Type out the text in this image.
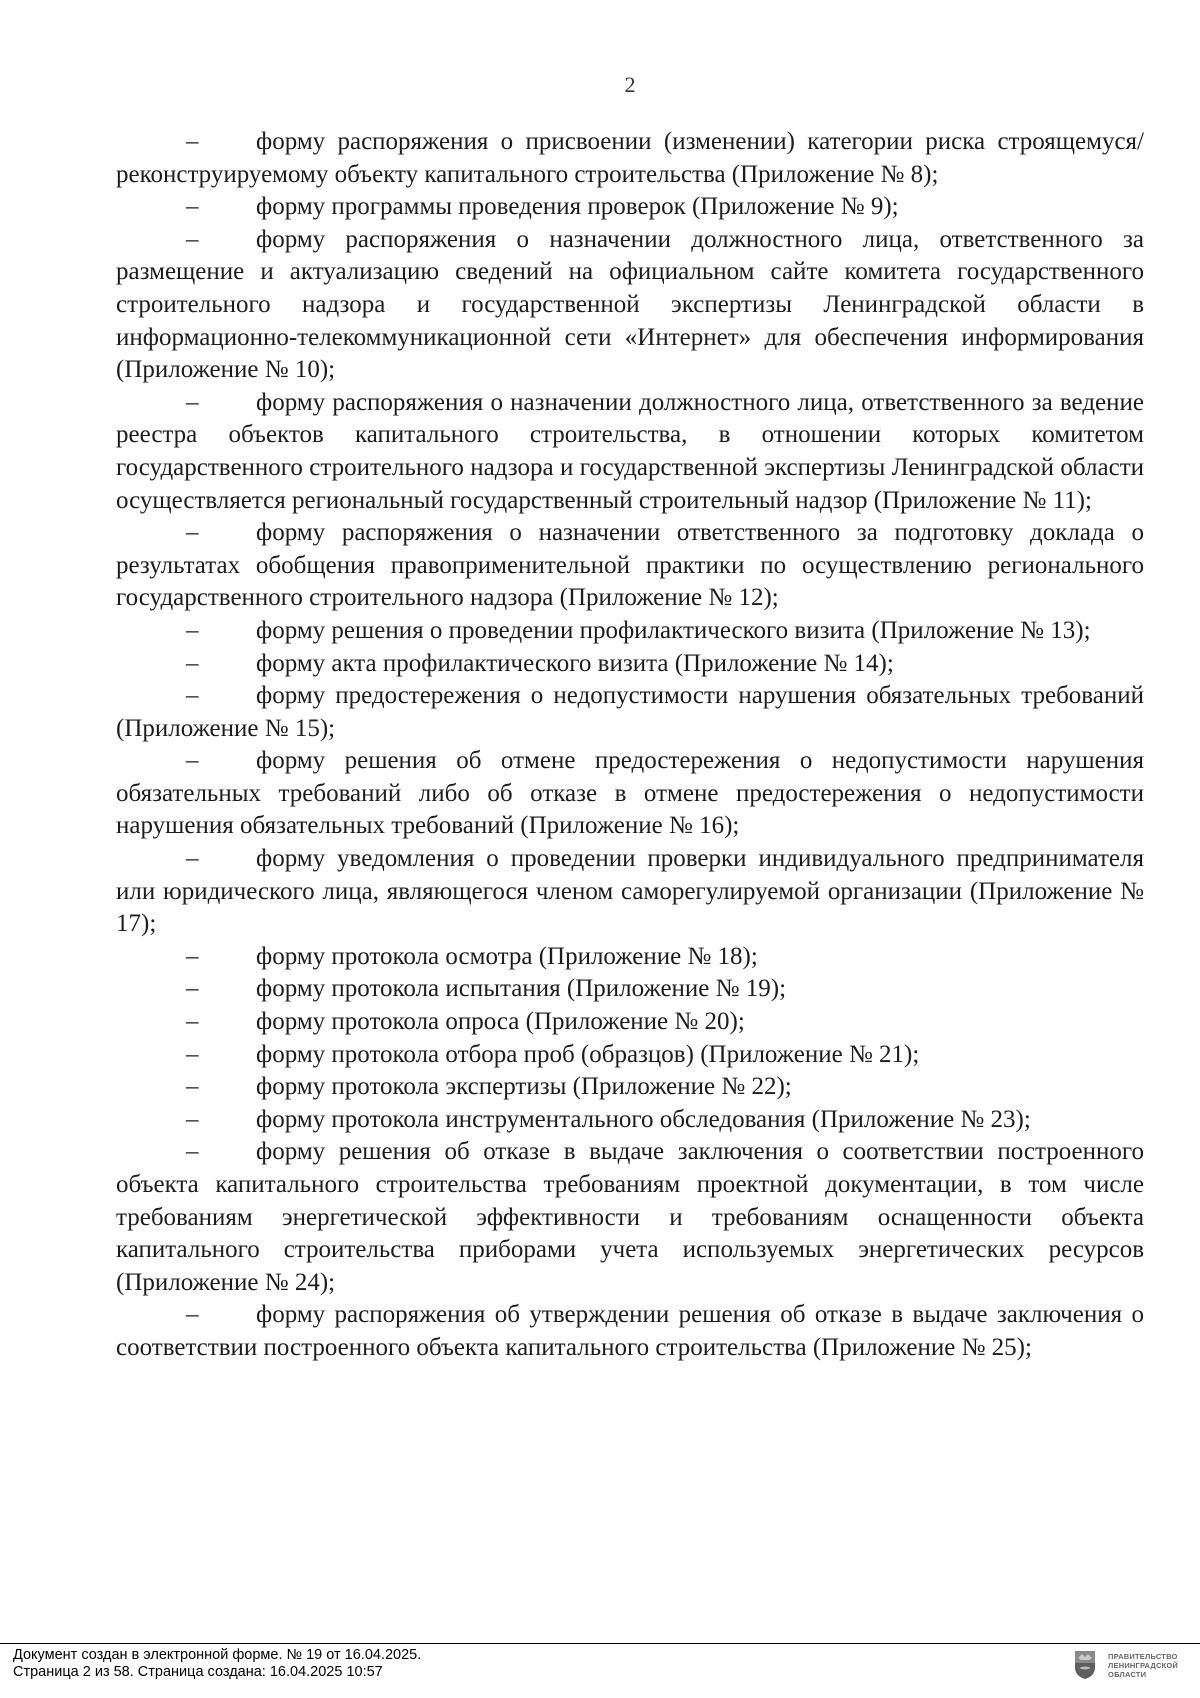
2

– форму распоряжения о присвоении (изменении) категории риска строящемуся/реконструируемому объекту капитального строительства (Приложение № 8);

– форму программы проведения проверок (Приложение № 9);

– форму распоряжения о назначении должностного лица, ответственного за размещение и актуализацию сведений на официальном сайте комитета государственного строительного надзора и государственной экспертизы Ленинградской области в информационно-телекоммуникационной сети «Интернет» для обеспечения информирования (Приложение № 10);

– форму распоряжения о назначении должностного лица, ответственного за ведение реестра объектов капитального строительства, в отношении которых комитетом государственного строительного надзора и государственной экспертизы Ленинградской области осуществляется региональный государственный строительный надзор (Приложение № 11);

– форму распоряжения о назначении ответственного за подготовку доклада о результатах обобщения правоприменительной практики по осуществлению регионального государственного строительного надзора (Приложение № 12);

– форму решения о проведении профилактического визита (Приложение № 13);

– форму акта профилактического визита (Приложение № 14);

– форму предостережения о недопустимости нарушения обязательных требований (Приложение № 15);

– форму решения об отмене предостережения о недопустимости нарушения обязательных требований либо об отказе в отмене предостережения о недопустимости нарушения обязательных требований (Приложение № 16);

– форму уведомления о проведении проверки индивидуального предпринимателя или юридического лица, являющегося членом саморегулируемой организации (Приложение № 17);

– форму протокола осмотра (Приложение № 18);

– форму протокола испытания (Приложение № 19);

– форму протокола опроса (Приложение № 20);

– форму протокола отбора проб (образцов) (Приложение № 21);

– форму протокола экспертизы (Приложение № 22);

– форму протокола инструментального обследования (Приложение № 23);

– форму решения об отказе в выдаче заключения о соответствии построенного объекта капитального строительства требованиям проектной документации, в том числе требованиям энергетической эффективности и требованиям оснащенности объекта капитального строительства приборами учета используемых энергетических ресурсов (Приложение № 24);

– форму распоряжения об утверждении решения об отказе в выдаче заключения о соответствии построенного объекта капитального строительства (Приложение № 25);

Документ создан в электронной форме. № 19 от 16.04.2025.
Страница 2 из 58. Страница создана: 16.04.2025 10:57
ПРАВИТЕЛЬСТВО
ЛЕНИНГРАДСКОЙ
ОБЛАСТИ
